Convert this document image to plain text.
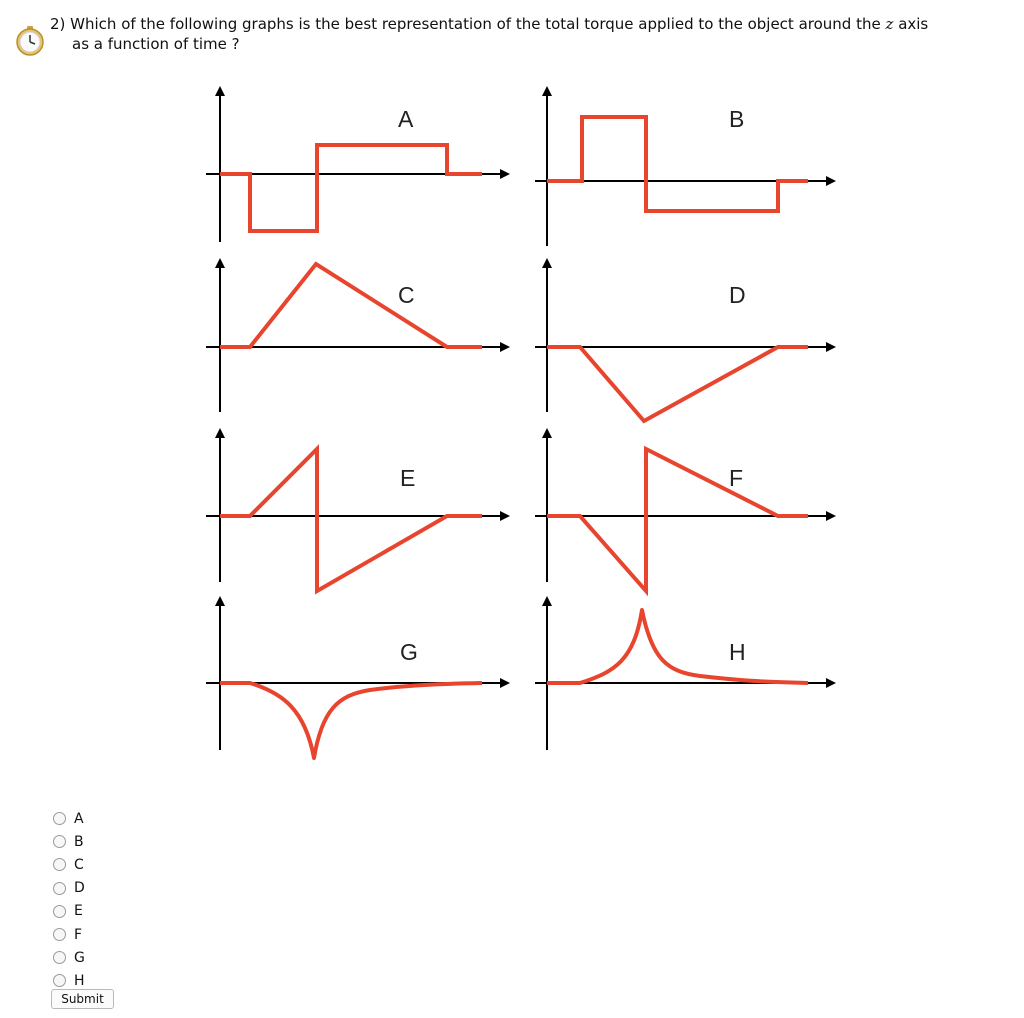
2) Which of the following graphs is the best representation of the total torque applied to the object around the z axis
as a function of time ?
A	B
C	D
E	F
G	H
A
B
C
D
E
F
G
H
Submit
